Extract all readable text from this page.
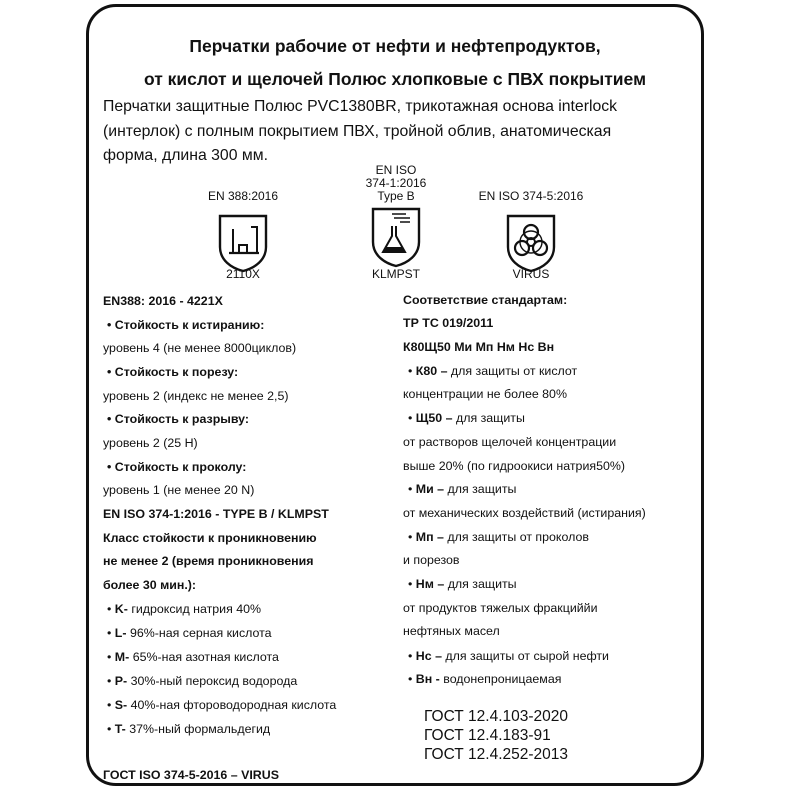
Перчатки рабочие от нефти и нефтепродуктов,
от кислот и щелочей Полюс хлопковые с ПВХ покрытием
Перчатки защитные Полюс PVC1380BR, трикотажная основа interlock
(интерлок) с полным покрытием ПВХ, тройной облив, анатомическая
форма, длина 300 мм.
EN 388:2016
2110X
EN ISO
374-1:2016
Type B
KLMPST
EN ISO 374-5:2016
VIRUS
EN388: 2016 - 4221X
• Стойкость к истиранию:
уровень 4 (не менее 8000циклов)
• Стойкость к порезу:
уровень 2 (индекс не менее 2,5)
• Стойкость к разрыву:
уровень 2 (25 Н)
• Стойкость к проколу:
уровень 1 (не менее 20 N)
EN ISO 374-1:2016 - TYPE B / KLMPST
Класс стойкости к проникновению
не менее 2 (время проникновения
более 30 мин.):
• K- гидроксид натрия 40%
• L- 96%-ная серная кислота
• M- 65%-ная азотная кислота
• P- 30%-ный пероксид водорода
• S- 40%-ная фтороводородная кислота
• T- 37%-ный формальдегид
ГОСТ ISO 374-5-2016 – VIRUS
Соответствие стандартам:
ТР ТС 019/2011
К80Щ50 Ми Мп Нм Нс Вн
• К80 – для защиты от кислот
концентрации не более 80%
• Щ50 – для защиты
от растворов щелочей концентрации
выше 20% (по гидроокиси натрия50%)
• Ми – для защиты
от механических воздействий (истирания)
• Мп – для защиты от проколов
и порезов
• Нм – для защиты
от продуктов тяжелых фракциййи
нефтяных масел
• Нс – для защиты от сырой нефти
• Вн - водонепроницаемая
ГОСТ 12.4.103-2020
ГОСТ 12.4.183-91
ГОСТ 12.4.252-2013
